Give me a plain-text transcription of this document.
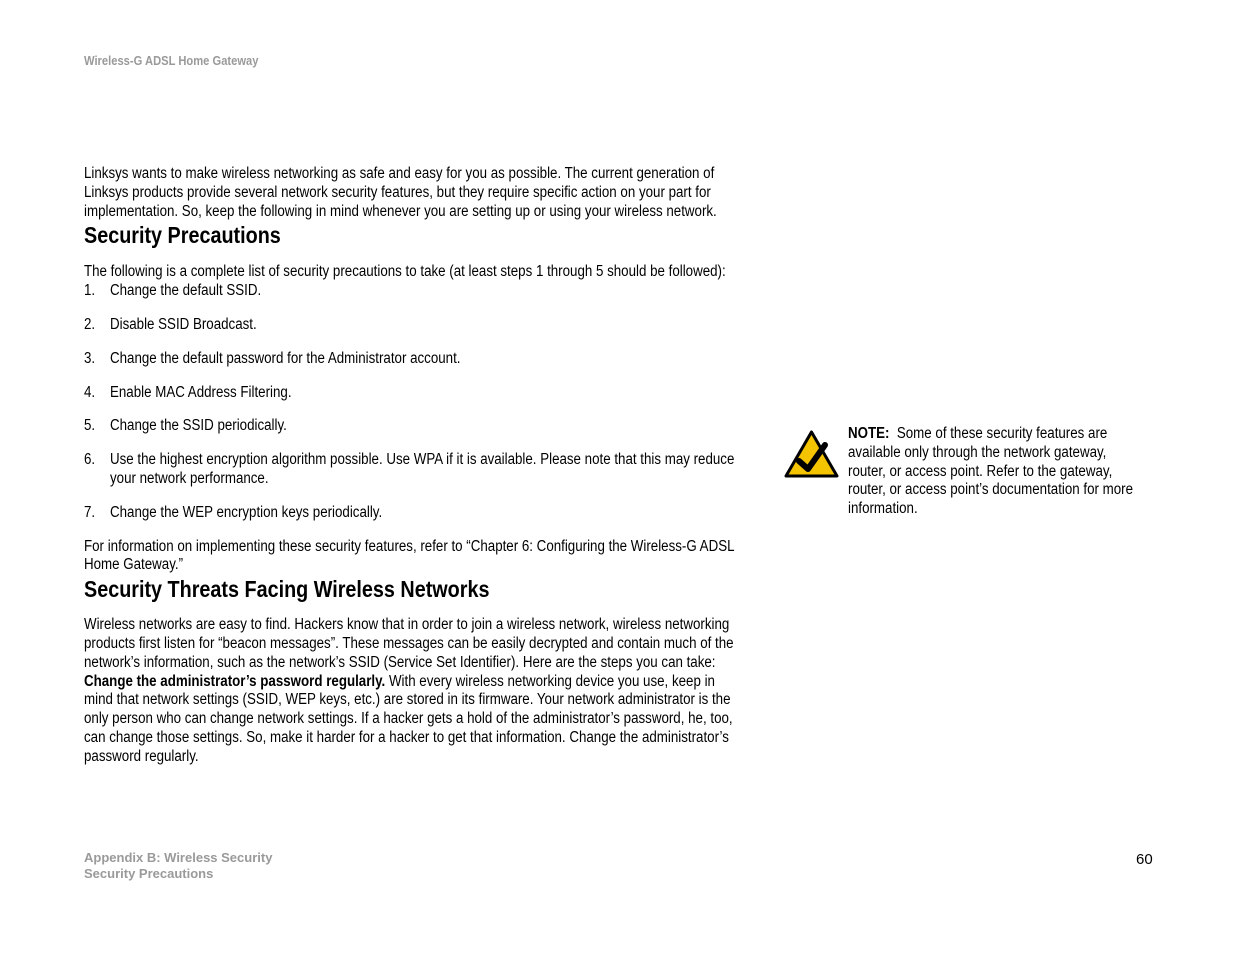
Wireless-G ADSL Home Gateway

Linksys wants to make wireless networking as safe and easy for you as possible. The current generation of
Linksys products provide several network security features, but they require specific action on your part for
implementation. So, keep the following in mind whenever you are setting up or using your wireless network.

Security Precautions

The following is a complete list of security precautions to take (at least steps 1 through 5 should be followed):

1. Change the default SSID.
2. Disable SSID Broadcast.
3. Change the default password for the Administrator account.
4. Enable MAC Address Filtering.
5. Change the SSID periodically.
6. Use the highest encryption algorithm possible. Use WPA if it is available. Please note that this may reduce
your network performance.
7. Change the WEP encryption keys periodically.

For information on implementing these security features, refer to “Chapter 6: Configuring the Wireless-G ADSL
Home Gateway.”

Security Threats Facing Wireless Networks

Wireless networks are easy to find. Hackers know that in order to join a wireless network, wireless networking
products first listen for “beacon messages”. These messages can be easily decrypted and contain much of the
network’s information, such as the network’s SSID (Service Set Identifier). Here are the steps you can take:

Change the administrator’s password regularly. With every wireless networking device you use, keep in
mind that network settings (SSID, WEP keys, etc.) are stored in its firmware. Your network administrator is the
only person who can change network settings. If a hacker gets a hold of the administrator’s password, he, too,
can change those settings. So, make it harder for a hacker to get that information. Change the administrator’s
password regularly.

NOTE:  Some of these security features are
available only through the network gateway,
router, or access point. Refer to the gateway,
router, or access point’s documentation for more
information.
Appendix B: Wireless Security
Security Precautions
60
